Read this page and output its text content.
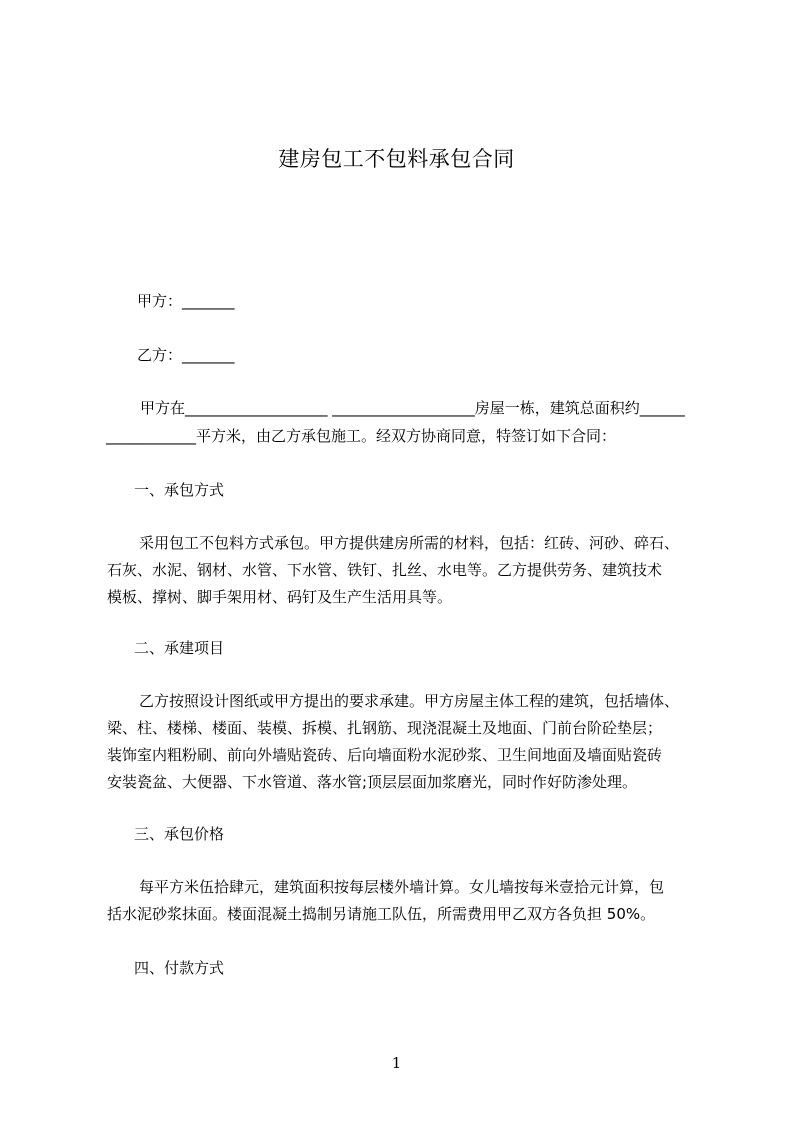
建房包工不包料承包合同
甲方：_______
乙方：_______
甲方在___________________ ___________________房屋一栋，建筑总面积约______
____________平方米，由乙方承包施工。经双方协商同意，特签订如下合同：
一、承包方式
采用包工不包料方式承包。甲方提供建房所需的材料，包括：红砖、河砂、碎石、
石灰、水泥、钢材、水管、下水管、铁钉、扎丝、水电等。乙方提供劳务、建筑技术
模板、撑树、脚手架用材、码钉及生产生活用具等。
二、承建项目
乙方按照设计图纸或甲方提出的要求承建。甲方房屋主体工程的建筑，包括墙体、
梁、柱、楼梯、楼面、装模、拆模、扎钢筋、现浇混凝土及地面、门前台阶砼垫层；
装饰室内粗粉刷、前向外墙贴瓷砖、后向墙面粉水泥砂浆、卫生间地面及墙面贴瓷砖
安装瓷盆、大便器、下水管道、落水管;顶层层面加浆磨光，同时作好防渗处理。
三、承包价格
每平方米伍拾肆元，建筑面积按每层楼外墙计算。女儿墙按每米壹拾元计算，包
括水泥砂浆抹面。楼面混凝土捣制另请施工队伍，所需费用甲乙双方各负担 50%。
四、付款方式
1
